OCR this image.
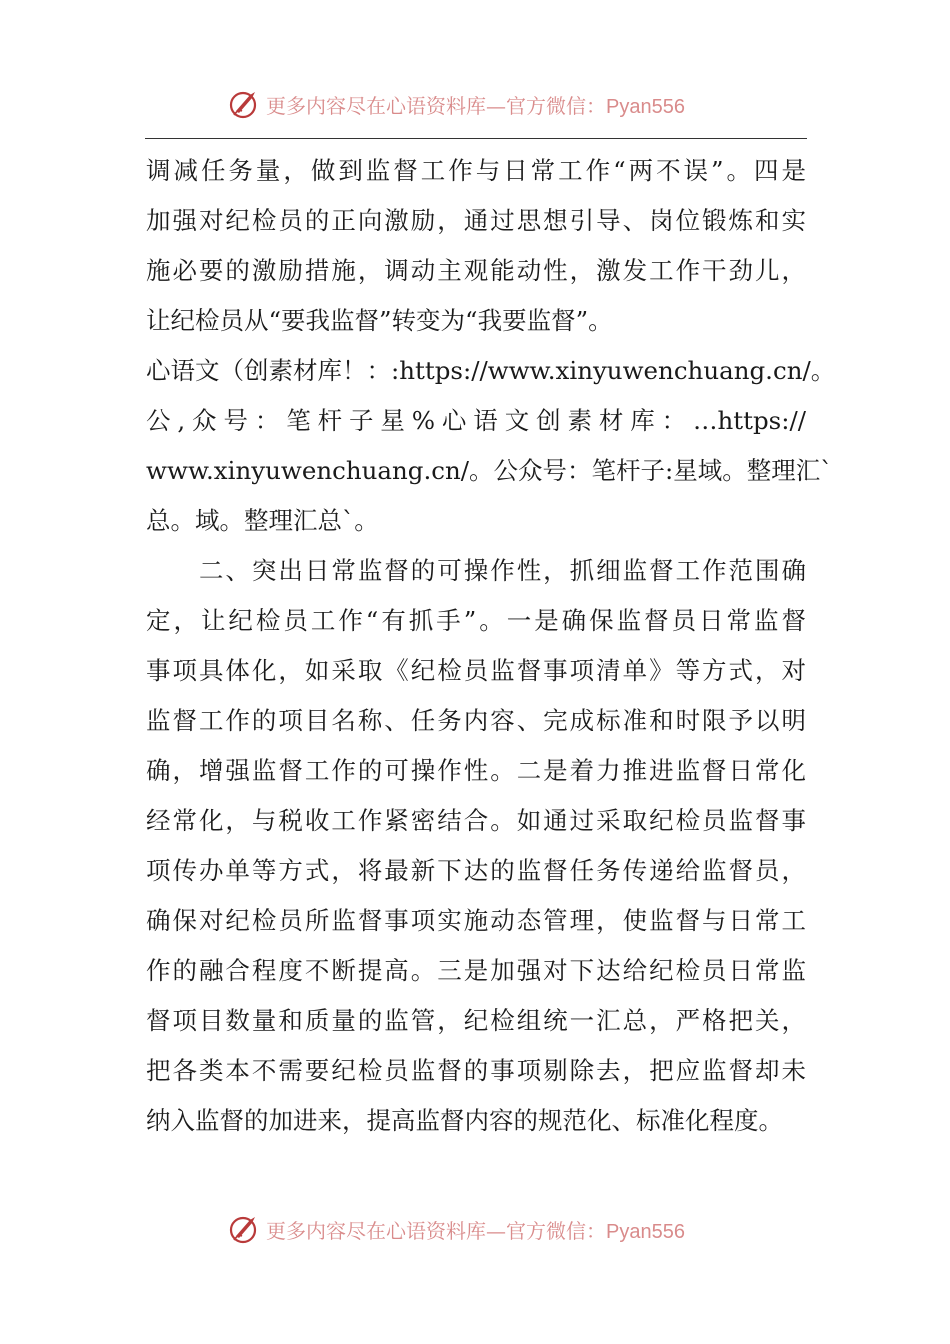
更多内容尽在心语资料库—官方微信：Pyan556
调减任务量，做到监督工作与日常工作“两不误”。四是
加强对纪检员的正向激励，通过思想引导、岗位锻炼和实
施必要的激励措施，调动主观能动性，激发工作干劲儿，
让纪检员从“要我监督”转变为“我要监督”。
心语文（创素材库！：:https://www.xinyuwenchuang.cn/。
公,众号：笔杆子星%心语文创素材库：…https://
www.xinyuwenchuang.cn/。公众号：笔杆子:星域。整理汇`
总。域。整理汇总`。
　　二、突出日常监督的可操作性，抓细监督工作范围确
定，让纪检员工作“有抓手”。一是确保监督员日常监督
事项具体化，如采取《纪检员监督事项清单》等方式，对
监督工作的项目名称、任务内容、完成标准和时限予以明
确，增强监督工作的可操作性。二是着力推进监督日常化
经常化，与税收工作紧密结合。如通过采取纪检员监督事
项传办单等方式，将最新下达的监督任务传递给监督员，
确保对纪检员所监督事项实施动态管理，使监督与日常工
作的融合程度不断提高。三是加强对下达给纪检员日常监
督项目数量和质量的监管，纪检组统一汇总，严格把关，
把各类本不需要纪检员监督的事项剔除去，把应监督却未
纳入监督的加进来，提高监督内容的规范化、标准化程度。
更多内容尽在心语资料库—官方微信：Pyan556
